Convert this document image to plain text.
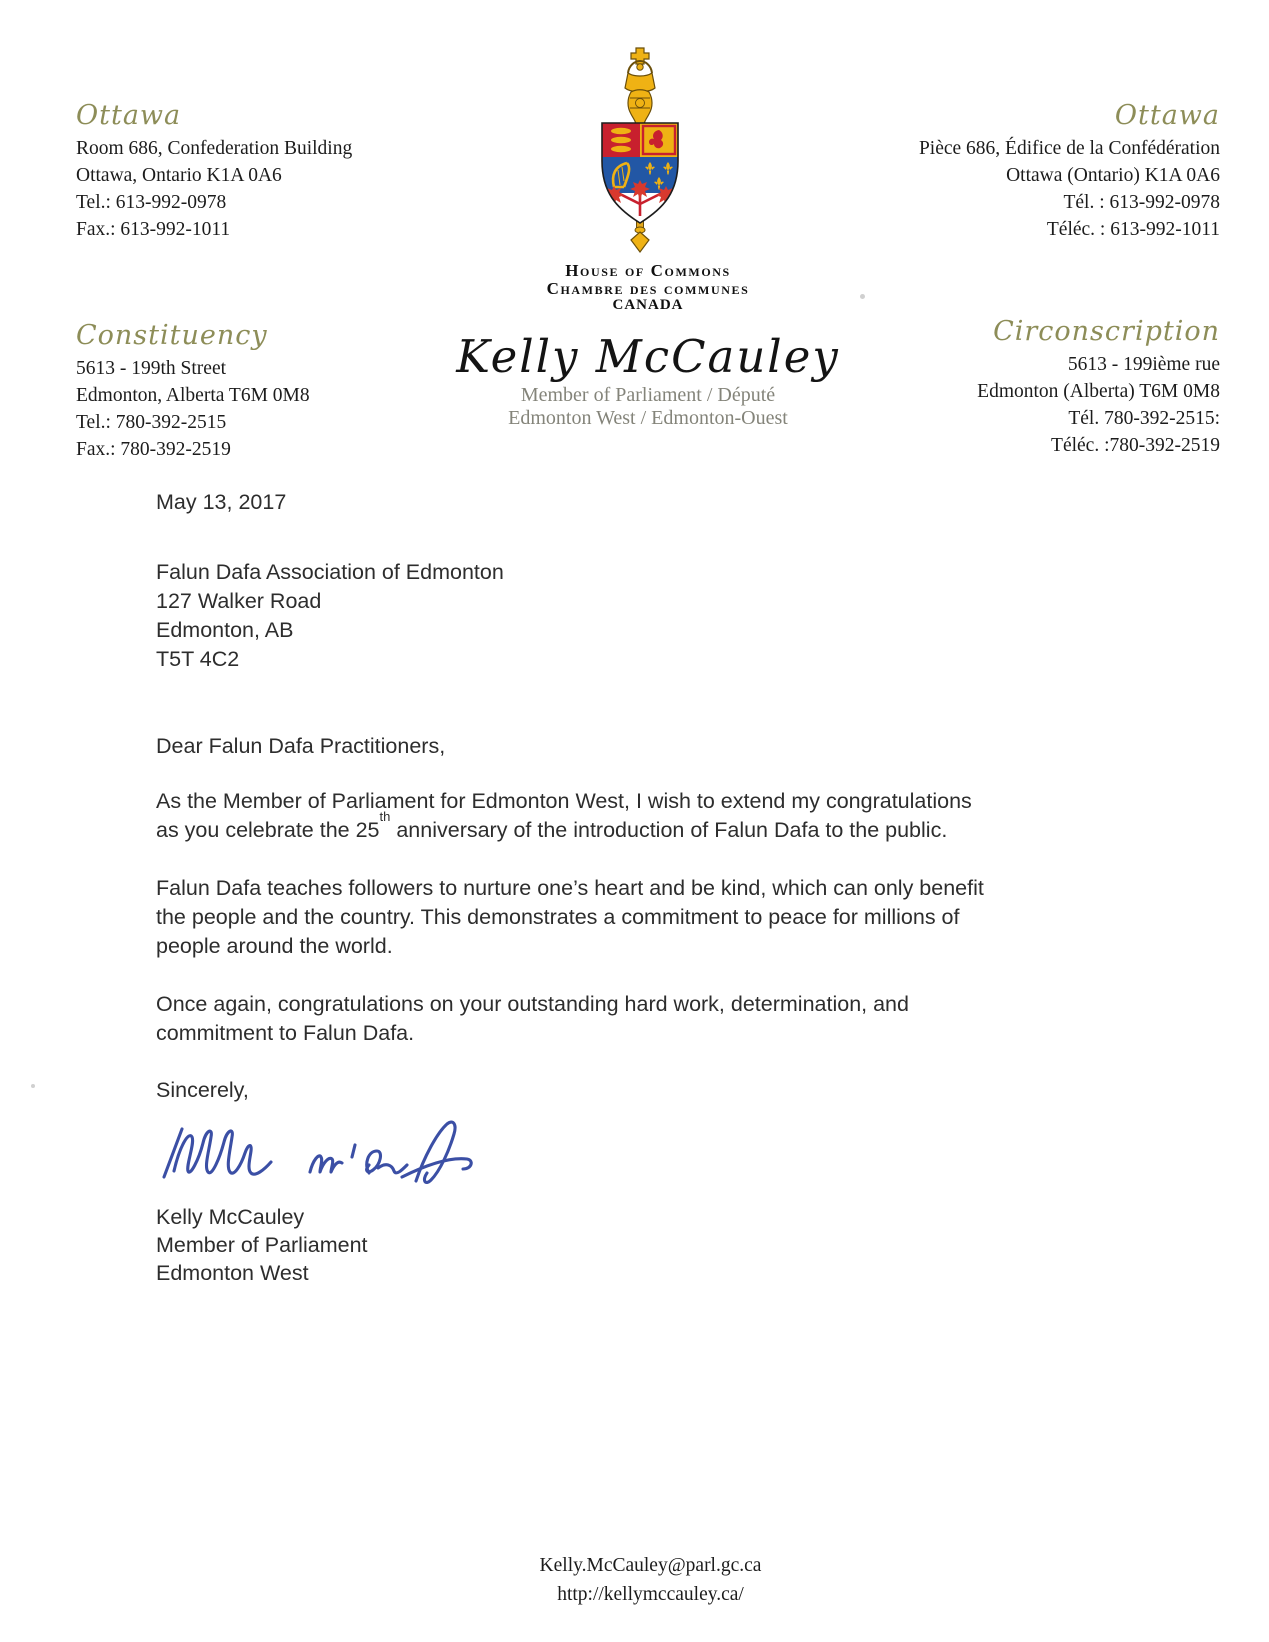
Ottawa
Room 686, Confederation Building
Ottawa, Ontario K1A 0A6
Tel.: 613-992-0978
Fax.: 613-992-1011
Ottawa
Pièce 686, Édifice de la Confédération
Ottawa (Ontario) K1A 0A6
Tél. : 613-992-0978
Téléc. : 613-992-1011
House of Commons
Chambre des communes
CANADA
Constituency
5613 - 199th Street
Edmonton, Alberta T6M 0M8
Tel.: 780-392-2515
Fax.: 780-392-2519
Circonscription
5613 - 199ième rue
Edmonton (Alberta) T6M 0M8
Tél. 780-392-2515:
Téléc. :780-392-2519
Kelly McCauley
Member of Parliament / Député
Edmonton West / Edmonton-Ouest
May 13, 2017
Falun Dafa Association of Edmonton
127 Walker Road
Edmonton, AB
T5T 4C2
Dear Falun Dafa Practitioners,
As the Member of Parliament for Edmonton West, I wish to extend my congratulations
as you celebrate the 25th anniversary of the introduction of Falun Dafa to the public.
Falun Dafa teaches followers to nurture one’s heart and be kind, which can only benefit
the people and the country. This demonstrates a commitment to peace for millions of
people around the world.
Once again, congratulations on your outstanding hard work, determination, and
commitment to Falun Dafa.
Sincerely,
Kelly McCauley
Member of Parliament
Edmonton West
Kelly.McCauley@parl.gc.ca
http://kellymccauley.ca/
